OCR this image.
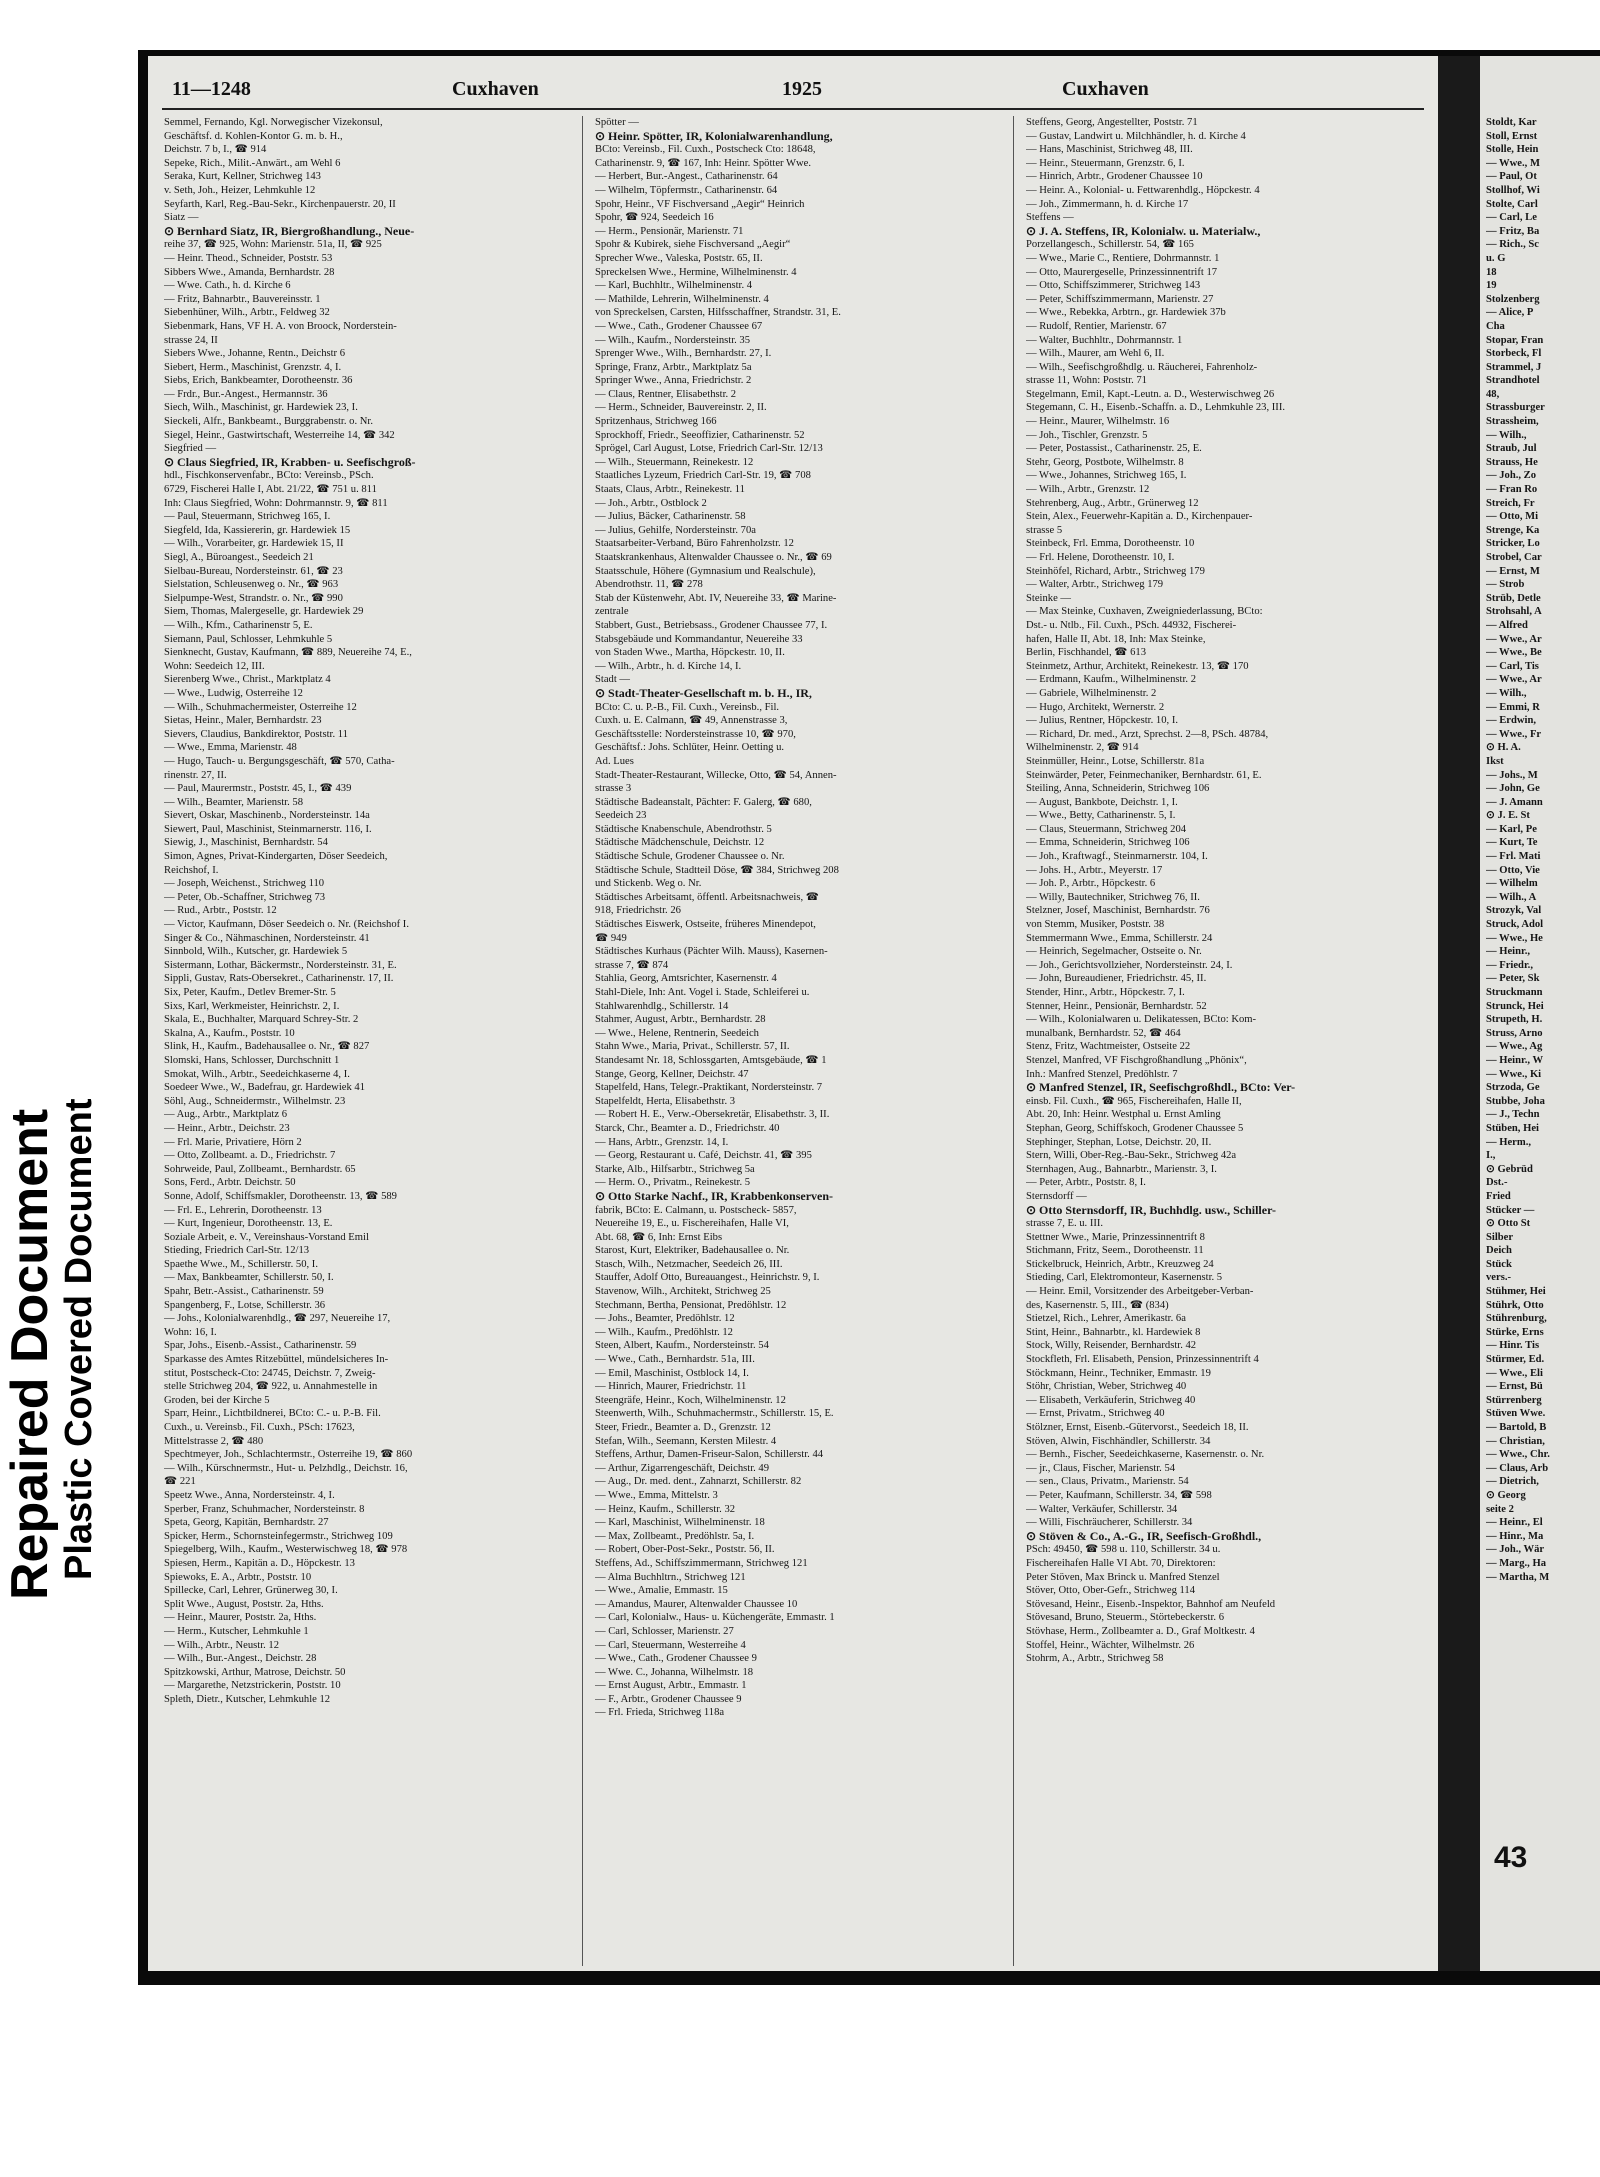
Repaired Document Plastic Covered Document
11—1248	Cuxhaven	1925	Cuxhaven
Semmel, Fernando, Kgl. Norwegischer Vizekonsul,
Geschäftsf. d. Kohlen-Kontor G. m. b. H.,
Deichstr. 7 b, I., ☎ 914
Sepeke, Rich., Milit.-Anwärt., am Wehl 6
Seraka, Kurt, Kellner, Strichweg 143
v. Seth, Joh., Heizer, Lehmkuhle 12
Seyfarth, Karl, Reg.-Bau-Sekr., Kirchenpauerstr. 20, II
Siatz —
⊙ Bernhard Siatz, IR, Biergroßhandlung., Neue-
reihe 37, ☎ 925, Wohn: Marienstr. 51a, II, ☎ 925
— Heinr. Theod., Schneider, Poststr. 53
Sibbers Wwe., Amanda, Bernhardstr. 28
— Wwe. Cath., h. d. Kirche 6
— Fritz, Bahnarbtr., Bauvereinsstr. 1
Siebenhüner, Wilh., Arbtr., Feldweg 32
Siebenmark, Hans, VF H. A. von Broock, Norderstein-
strasse 24, II
Siebers Wwe., Johanne, Rentn., Deichstr 6
Siebert, Herm., Maschinist, Grenzstr. 4, I.
Siebs, Erich, Bankbeamter, Dorotheenstr. 36
— Frdr., Bur.-Angest., Hermannstr. 36
Siech, Wilh., Maschinist, gr. Hardewiek 23, I.
Sieckeli, Alfr., Bankbeamt., Burggrabenstr. o. Nr.
Siegel, Heinr., Gastwirtschaft, Westerreihe 14, ☎ 342
Siegfried —
⊙ Claus Siegfried, IR, Krabben- u. Seefischgroß-
hdl., Fischkonservenfabr., BCto: Vereinsb., PSch.
6729, Fischerei Halle I, Abt. 21/22, ☎ 751 u. 811
Inh: Claus Siegfried, Wohn: Dohrmannstr. 9, ☎ 811
— Paul, Steuermann, Strichweg 165, I.
Siegfeld, Ida, Kassiererin, gr. Hardewiek 15
— Wilh., Vorarbeiter, gr. Hardewiek 15, II
Siegl, A., Büroangest., Seedeich 21
Sielbau-Bureau, Nordersteinstr. 61, ☎ 23
Sielstation, Schleusenweg o. Nr., ☎ 963
Sielpumpe-West, Strandstr. o. Nr., ☎ 990
Siem, Thomas, Malergeselle, gr. Hardewiek 29
— Wilh., Kfm., Catharinenstr 5, E.
Siemann, Paul, Schlosser, Lehmkuhle 5
Sienknecht, Gustav, Kaufmann, ☎ 889, Neuereihe 74, E.,
Wohn: Seedeich 12, III.
Sierenberg Wwe., Christ., Marktplatz 4
— Wwe., Ludwig, Osterreihe 12
— Wilh., Schuhmachermeister, Osterreihe 12
Sietas, Heinr., Maler, Bernhardstr. 23
Sievers, Claudius, Bankdirektor, Poststr. 11
— Wwe., Emma, Marienstr. 48
— Hugo, Tauch- u. Bergungsgeschäft, ☎ 570, Catha-
rinenstr. 27, II.
— Paul, Maurermstr., Poststr. 45, I., ☎ 439
— Wilh., Beamter, Marienstr. 58
Sievert, Oskar, Maschinenb., Nordersteinstr. 14a
Siewert, Paul, Maschinist, Steinmarnerstr. 116, I.
Siewig, J., Maschinist, Bernhardstr. 54
Simon, Agnes, Privat-Kindergarten, Döser Seedeich,
Reichshof, I.
— Joseph, Weichenst., Strichweg 110
— Peter, Ob.-Schaffner, Strichweg 73
— Rud., Arbtr., Poststr. 12
— Victor, Kaufmann, Döser Seedeich o. Nr. (Reichshof I.
Singer & Co., Nähmaschinen, Nordersteinstr. 41
Sinnbold, Wilh., Kutscher, gr. Hardewiek 5
Sistermann, Lothar, Bäckermstr., Nordersteinstr. 31, E.
Sippli, Gustav, Rats-Obersekret., Catharinenstr. 17, II.
Six, Peter, Kaufm., Detlev Bremer-Str. 5
Sixs, Karl, Werkmeister, Heinrichstr. 2, I.
Skala, E., Buchhalter, Marquard Schrey-Str. 2
Skalna, A., Kaufm., Poststr. 10
Slink, H., Kaufm., Badehausallee o. Nr., ☎ 827
Slomski, Hans, Schlosser, Durchschnitt 1
Smokat, Wilh., Arbtr., Seedeichkaserne 4, I.
Soedeer Wwe., W., Badefrau, gr. Hardewiek 41
Söhl, Aug., Schneidermstr., Wilhelmstr. 23
— Aug., Arbtr., Marktplatz 6
— Heinr., Arbtr., Deichstr. 23
— Frl. Marie, Privatiere, Hörn 2
— Otto, Zollbeamt. a. D., Friedrichstr. 7
Sohrweide, Paul, Zollbeamt., Bernhardstr. 65
Sons, Ferd., Arbtr. Deichstr. 50
Sonne, Adolf, Schiffsmakler, Dorotheenstr. 13, ☎ 589
— Frl. E., Lehrerin, Dorotheenstr. 13
— Kurt, Ingenieur, Dorotheenstr. 13, E.
Soziale Arbeit, e. V., Vereinshaus-Vorstand Emil
Stieding, Friedrich Carl-Str. 12/13
Spaethe Wwe., M., Schillerstr. 50, I.
— Max, Bankbeamter, Schillerstr. 50, I.
Spahr, Betr.-Assist., Catharinenstr. 59
Spangenberg, F., Lotse, Schillerstr. 36
— Johs., Kolonialwarenhdlg., ☎ 297, Neuereihe 17,
Wohn: 16, I.
Spar, Johs., Eisenb.-Assist., Catharinenstr. 59
Sparkasse des Amtes Ritzebüttel, mündelsicheres In-
stitut, Postscheck-Cto: 24745, Deichstr. 7, Zweig-
stelle Strichweg 204, ☎ 922, u. Annahmestelle in
Groden, bei der Kirche 5
Sparr, Heinr., Lichtbildnerei, BCto: C.- u. P.-B. Fil.
Cuxh., u. Vereinsb., Fil. Cuxh., PSch: 17623,
Mittelstrasse 2, ☎ 480
Spechtmeyer, Joh., Schlachtermstr., Osterreihe 19, ☎ 860
— Wilh., Kürschnermstr., Hut- u. Pelzhdlg., Deichstr. 16,
☎ 221
Speetz Wwe., Anna, Nordersteinstr. 4, I.
Sperber, Franz, Schuhmacher, Nordersteinstr. 8
Speta, Georg, Kapitän, Bernhardstr. 27
Spicker, Herm., Schornsteinfegermstr., Strichweg 109
Spiegelberg, Wilh., Kaufm., Westerwischweg 18, ☎ 978
Spiesen, Herm., Kapitän a. D., Höpckestr. 13
Spiewoks, E. A., Arbtr., Poststr. 10
Spillecke, Carl, Lehrer, Grünerweg 30, I.
Split Wwe., August, Poststr. 2a, Hths.
— Heinr., Maurer, Poststr. 2a, Hths.
— Herm., Kutscher, Lehmkuhle 1
— Wilh., Arbtr., Neustr. 12
— Wilh., Bur.-Angest., Deichstr. 28
Spitzkowski, Arthur, Matrose, Deichstr. 50
— Margarethe, Netzstrickerin, Poststr. 10
Spleth, Dietr., Kutscher, Lehmkuhle 12
Spötter —
⊙ Heinr. Spötter, IR, Kolonialwarenhandlung,
BCto: Vereinsb., Fil. Cuxh., Postscheck Cto: 18648,
Catharinenstr. 9, ☎ 167, Inh: Heinr. Spötter Wwe.
— Herbert, Bur.-Angest., Catharinenstr. 64
— Wilhelm, Töpfermstr., Catharinenstr. 64
Spohr, Heinr., VF Fischversand „Aegir“ Heinrich
Spohr, ☎ 924, Seedeich 16
— Herm., Pensionär, Marienstr. 71
Spohr & Kubirek, siehe Fischversand „Aegir“
Sprecher Wwe., Valeska, Poststr. 65, II.
Spreckelsen Wwe., Hermine, Wilhelminenstr. 4
— Karl, Buchhltr., Wilhelminenstr. 4
— Mathilde, Lehrerin, Wilhelminenstr. 4
von Spreckelsen, Carsten, Hilfsschaffner, Strandstr. 31, E.
— Wwe., Cath., Grodener Chaussee 67
— Wilh., Kaufm., Nordersteinstr. 35
Sprenger Wwe., Wilh., Bernhardstr. 27, I.
Springe, Franz, Arbtr., Marktplatz 5a
Springer Wwe., Anna, Friedrichstr. 2
— Claus, Rentner, Elisabethstr. 2
— Herm., Schneider, Bauvereinstr. 2, II.
Spritzenhaus, Strichweg 166
Sprockhoff, Friedr., Seeoffizier, Catharinenstr. 52
Sprögel, Carl August, Lotse, Friedrich Carl-Str. 12/13
— Wilh., Steuermann, Reinekestr. 12
Staatliches Lyzeum, Friedrich Carl-Str. 19, ☎ 708
Staats, Claus, Arbtr., Reinekestr. 11
— Joh., Arbtr., Ostblock 2
— Julius, Bäcker, Catharinenstr. 58
— Julius, Gehilfe, Nordersteinstr. 70a
Staatsarbeiter-Verband, Büro Fahrenholzstr. 12
Staatskrankenhaus, Altenwalder Chaussee o. Nr., ☎ 69
Staatsschule, Höhere (Gymnasium und Realschule),
Abendrothstr. 11, ☎ 278
Stab der Küstenwehr, Abt. IV, Neuereihe 33, ☎ Marine-
zentrale
Stabbert, Gust., Betriebsass., Grodener Chaussee 77, I.
Stabsgebäude und Kommandantur, Neuereihe 33
von Staden Wwe., Martha, Höpckestr. 10, II.
— Wilh., Arbtr., h. d. Kirche 14, I.
Stadt —
⊙ Stadt-Theater-Gesellschaft m. b. H., IR,
BCto: C. u. P.-B., Fil. Cuxh., Vereinsb., Fil.
Cuxh. u. E. Calmann, ☎ 49, Annenstrasse 3,
Geschäftsstelle: Nordersteinstrasse 10, ☎ 970,
Geschäftsf.: Johs. Schlüter, Heinr. Oetting u.
Ad. Lues
Stadt-Theater-Restaurant, Willecke, Otto, ☎ 54, Annen-
strasse 3
Städtische Badeanstalt, Pächter: F. Galerg, ☎ 680,
Seedeich 23
Städtische Knabenschule, Abendrothstr. 5
Städtische Mädchenschule, Deichstr. 12
Städtische Schule, Grodener Chaussee o. Nr.
Städtische Schule, Stadtteil Döse, ☎ 384, Strichweg 208
und Stickenb. Weg o. Nr.
Städtisches Arbeitsamt, öffentl. Arbeitsnachweis, ☎
918, Friedrichstr. 26
Städtisches Eiswerk, Ostseite, früheres Minendepot,
☎ 949
Städtisches Kurhaus (Pächter Wilh. Mauss), Kasernen-
strasse 7, ☎ 874
Stahlia, Georg, Amtsrichter, Kasernenstr. 4
Stahl-Diele, Inh: Ant. Vogel i. Stade, Schleiferei u.
Stahlwarenhdlg., Schillerstr. 14
Stahmer, August, Arbtr., Bernhardstr. 28
— Wwe., Helene, Rentnerin, Seedeich
Stahn Wwe., Maria, Privat., Schillerstr. 57, II.
Standesamt Nr. 18, Schlossgarten, Amtsgebäude, ☎ 1
Stange, Georg, Kellner, Deichstr. 47
Stapelfeld, Hans, Telegr.-Praktikant, Nordersteinstr. 7
Stapelfeldt, Herta, Elisabethstr. 3
— Robert H. E., Verw.-Obersekretär, Elisabethstr. 3, II.
Starck, Chr., Beamter a. D., Friedrichstr. 40
— Hans, Arbtr., Grenzstr. 14, I.
— Georg, Restaurant u. Café, Deichstr. 41, ☎ 395
Starke, Alb., Hilfsarbtr., Strichweg 5a
— Herm. O., Privatm., Reinekestr. 5
⊙ Otto Starke Nachf., IR, Krabbenkonserven-
fabrik, BCto: E. Calmann, u. Postscheck- 5857,
Neuereihe 19, E., u. Fischereihafen, Halle VI,
Abt. 68, ☎ 6, Inh: Ernst Eibs
Starost, Kurt, Elektriker, Badehausallee o. Nr.
Stasch, Wilh., Netzmacher, Seedeich 26, III.
Stauffer, Adolf Otto, Bureauangest., Heinrichstr. 9, I.
Stavenow, Wilh., Architekt, Strichweg 25
Stechmann, Bertha, Pensionat, Predöhlstr. 12
— Johs., Beamter, Predöhlstr. 12
— Wilh., Kaufm., Predöhlstr. 12
Steen, Albert, Kaufm., Nordersteinstr. 54
— Wwe., Cath., Bernhardstr. 51a, III.
— Emil, Maschinist, Ostblock 14, I.
— Hinrich, Maurer, Friedrichstr. 11
Steengräfe, Heinr., Koch, Wilhelminenstr. 12
Steenwerth, Wilh., Schuhmachermstr., Schillerstr. 15, E.
Steer, Friedr., Beamter a. D., Grenzstr. 12
Stefan, Wilh., Seemann, Kersten Milestr. 4
Steffens, Arthur, Damen-Friseur-Salon, Schillerstr. 44
— Arthur, Zigarrengeschäft, Deichstr. 49
— Aug., Dr. med. dent., Zahnarzt, Schillerstr. 82
— Wwe., Emma, Mittelstr. 3
— Heinz, Kaufm., Schillerstr. 32
— Karl, Maschinist, Wilhelminenstr. 18
— Max, Zollbeamt., Predöhlstr. 5a, I.
— Robert, Ober-Post-Sekr., Poststr. 56, II.
Steffens, Ad., Schiffszimmermann, Strichweg 121
— Alma Buchhltrn., Strichweg 121
— Wwe., Amalie, Emmastr. 15
— Amandus, Maurer, Altenwalder Chaussee 10
— Carl, Kolonialw., Haus- u. Küchengeräte, Emmastr. 1
— Carl, Schlosser, Marienstr. 27
— Carl, Steuermann, Westerreihe 4
— Wwe., Cath., Grodener Chaussee 9
— Wwe. C., Johanna, Wilhelmstr. 18
— Ernst August, Arbtr., Emmastr. 1
— F., Arbtr., Grodener Chaussee 9
— Frl. Frieda, Strichweg 118a
Steffens, Georg, Angestellter, Poststr. 71
— Gustav, Landwirt u. Milchhändler, h. d. Kirche 4
— Hans, Maschinist, Strichweg 48, III.
— Heinr., Steuermann, Grenzstr. 6, I.
— Hinrich, Arbtr., Grodener Chaussee 10
— Heinr. A., Kolonial- u. Fettwarenhdlg., Höpckestr. 4
— Joh., Zimmermann, h. d. Kirche 17
Steffens —
⊙ J. A. Steffens, IR, Kolonialw. u. Materialw.,
Porzellangesch., Schillerstr. 54, ☎ 165
— Wwe., Marie C., Rentiere, Dohrmannstr. 1
— Otto, Maurergeselle, Prinzessinnentrift 17
— Otto, Schiffszimmerer, Strichweg 143
— Peter, Schiffszimmermann, Marienstr. 27
— Wwe., Rebekka, Arbtrn., gr. Hardewiek 37b
— Rudolf, Rentier, Marienstr. 67
— Walter, Buchhltr., Dohrmannstr. 1
— Wilh., Maurer, am Wehl 6, II.
— Wilh., Seefischgroßhdlg. u. Räucherei, Fahrenholz-
strasse 11, Wohn: Poststr. 71
Stegelmann, Emil, Kapt.-Leutn. a. D., Westerwischweg 26
Stegemann, C. H., Eisenb.-Schaffn. a. D., Lehmkuhle 23, III.
— Heinr., Maurer, Wilhelmstr. 16
— Joh., Tischler, Grenzstr. 5
— Peter, Postassist., Catharinenstr. 25, E.
Stehr, Georg, Postbote, Wilhelmstr. 8
— Wwe., Johannes, Strichweg 165, I.
— Wilh., Arbtr., Grenzstr. 12
Stehrenberg, Aug., Arbtr., Grünerweg 12
Stein, Alex., Feuerwehr-Kapitän a. D., Kirchenpauer-
strasse 5
Steinbeck, Frl. Emma, Dorotheenstr. 10
— Frl. Helene, Dorotheenstr. 10, I.
Steinhöfel, Richard, Arbtr., Strichweg 179
— Walter, Arbtr., Strichweg 179
Steinke —
— Max Steinke, Cuxhaven, Zweigniederlassung, BCto:
Dst.- u. Ntlb., Fil. Cuxh., PSch. 44932, Fischerei-
hafen, Halle II, Abt. 18, Inh: Max Steinke,
Berlin, Fischhandel, ☎ 613
Steinmetz, Arthur, Architekt, Reinekestr. 13, ☎ 170
— Erdmann, Kaufm., Wilhelminenstr. 2
— Gabriele, Wilhelminenstr. 2
— Hugo, Architekt, Wernerstr. 2
— Julius, Rentner, Höpckestr. 10, I.
— Richard, Dr. med., Arzt, Sprechst. 2—8, PSch. 48784,
Wilhelminenstr. 2, ☎ 914
Steinmüller, Heinr., Lotse, Schillerstr. 81a
Steinwärder, Peter, Feinmechaniker, Bernhardstr. 61, E.
Steiling, Anna, Schneiderin, Strichweg 106
— August, Bankbote, Deichstr. 1, I.
— Wwe., Betty, Catharinenstr. 5, I.
— Claus, Steuermann, Strichweg 204
— Emma, Schneiderin, Strichweg 106
— Joh., Kraftwagf., Steinmarnerstr. 104, I.
— Johs. H., Arbtr., Meyerstr. 17
— Joh. P., Arbtr., Höpckestr. 6
— Willy, Bautechniker, Strichweg 76, II.
Stelzner, Josef, Maschinist, Bernhardstr. 76
von Stemm, Musiker, Poststr. 38
Stemmermann Wwe., Emma, Schillerstr. 24
— Heinrich, Segelmacher, Ostseite o. Nr.
— Joh., Gerichtsvollzieher, Nordersteinstr. 24, I.
— John, Bureaudiener, Friedrichstr. 45, II.
Stender, Hinr., Arbtr., Höpckestr. 7, I.
Stenner, Heinr., Pensionär, Bernhardstr. 52
— Wilh., Kolonialwaren u. Delikatessen, BCto: Kom-
munalbank, Bernhardstr. 52, ☎ 464
Stenz, Fritz, Wachtmeister, Ostseite 22
Stenzel, Manfred, VF Fischgroßhandlung „Phönix“,
Inh.: Manfred Stenzel, Predöhlstr. 7
⊙ Manfred Stenzel, IR, Seefischgroßhdl., BCto: Ver-
einsb. Fil. Cuxh., ☎ 965, Fischereihafen, Halle II,
Abt. 20, Inh: Heinr. Westphal u. Ernst Amling
Stephan, Georg, Schiffskoch, Grodener Chaussee 5
Stephinger, Stephan, Lotse, Deichstr. 20, II.
Stern, Willi, Ober-Reg.-Bau-Sekr., Strichweg 42a
Sternhagen, Aug., Bahnarbtr., Marienstr. 3, I.
— Peter, Arbtr., Poststr. 8, I.
Sternsdorff —
⊙ Otto Sternsdorff, IR, Buchhdlg. usw., Schiller-
strasse 7, E. u. III.
Stettner Wwe., Marie, Prinzessinnentrift 8
Stichmann, Fritz, Seem., Dorotheenstr. 11
Stickelbruck, Heinrich, Arbtr., Kreuzweg 24
Stieding, Carl, Elektromonteur, Kasernenstr. 5
— Heinr. Emil, Vorsitzender des Arbeitgeber-Verban-
des, Kasernenstr. 5, III., ☎ (834)
Stietzel, Rich., Lehrer, Amerikastr. 6a
Stint, Heinr., Bahnarbtr., kl. Hardewiek 8
Stock, Willy, Reisender, Bernhardstr. 42
Stockfleth, Frl. Elisabeth, Pension, Prinzessinnentrift 4
Stöckmann, Heinr., Techniker, Emmastr. 19
Stöhr, Christian, Weber, Strichweg 40
— Elisabeth, Verkäuferin, Strichweg 40
— Ernst, Privatm., Strichweg 40
Stölzner, Ernst, Eisenb.-Gütervorst., Seedeich 18, II.
Stöven, Alwin, Fischhändler, Schillerstr. 34
— Bernh., Fischer, Seedeichkaserne, Kasernenstr. o. Nr.
— jr., Claus, Fischer, Marienstr. 54
— sen., Claus, Privatm., Marienstr. 54
— Peter, Kaufmann, Schillerstr. 34, ☎ 598
— Walter, Verkäufer, Schillerstr. 34
— Willi, Fischräucherer, Schillerstr. 34
⊙ Stöven & Co., A.-G., IR, Seefisch-Großhdl.,
PSch: 49450, ☎ 598 u. 110, Schillerstr. 34 u.
Fischereihafen Halle VI Abt. 70, Direktoren:
Peter Stöven, Max Brinck u. Manfred Stenzel
Stöver, Otto, Ober-Gefr., Strichweg 114
Stövesand, Heinr., Eisenb.-Inspektor, Bahnhof am Neufeld
Stövesand, Bruno, Steuerm., Störtebeckerstr. 6
Stövhase, Herm., Zollbeamter a. D., Graf Moltkestr. 4
Stoffel, Heinr., Wächter, Wilhelmstr. 26
Stohrm, A., Arbtr., Strichweg 58
Stoldt, Kar
Stoll, Ernst
Stolle, Hein
— Wwe., M
— Paul, Ot
Stollhof, Wi
Stolte, Carl
— Carl, Le
— Fritz, Ba
— Rich., Sc
u. G
18
19
Stolzenberg
— Alice, P
Cha
Stopar, Fran
Storbeck, Fl
Strammel, J
Strandhotel
48,
Strassburger
Strassheim,
— Wilh.,
Straub, Jul
Strauss, He
— Joh., Zo
— Fran Ro
Streich, Fr
— Otto, Mi
Strenge, Ka
Stricker, Lo
Strobel, Car
— Ernst, M
— Strob
Strüb, Detle
Strohsahl, A
— Alfred
— Wwe., Ar
— Wwe., Be
— Carl, Tis
— Wwe., Ar
— Wilh.,
— Emmi, R
— Erdwin,
— Wwe., Fr
⊙ H. A.
Ikst
— Johs., M
— John, Ge
— J. Amann
⊙ J. E. St
— Karl, Pe
— Kurt, Te
— Frl. Mati
— Otto, Vie
— Wilhelm
— Wilh., A
Strozyk, Val
Struck, Adol
— Wwe., He
— Heinr.,
— Friedr.,
— Peter, Sk
Struckmann
Strunck, Hei
Strupeth, H.
Struss, Arno
— Wwe., Ag
— Heinr., W
— Wwe., Ki
Strzoda, Ge
Stubbe, Joha
— J., Techn
Stüben, Hei
— Herm.,
I.,
⊙ Gebrüd
Dst.-
Fried
Stücker —
⊙ Otto St
Silber
Deich
Stück
vers.-
Stühmer, Hei
Stührk, Otto
Stührenburg,
Stürke, Erns
— Hinr. Tis
Stürmer, Ed.
— Wwe., Eli
— Ernst, Bü
Stürrenberg
Stüven Wwe.
— Bartold, B
— Christian,
— Wwe., Chr.
— Claus, Arb
— Dietrich,
⊙ Georg
seite 2
— Heinr., El
— Hinr., Ma
— Joh., Wär
— Marg., Ha
— Martha, M
43
